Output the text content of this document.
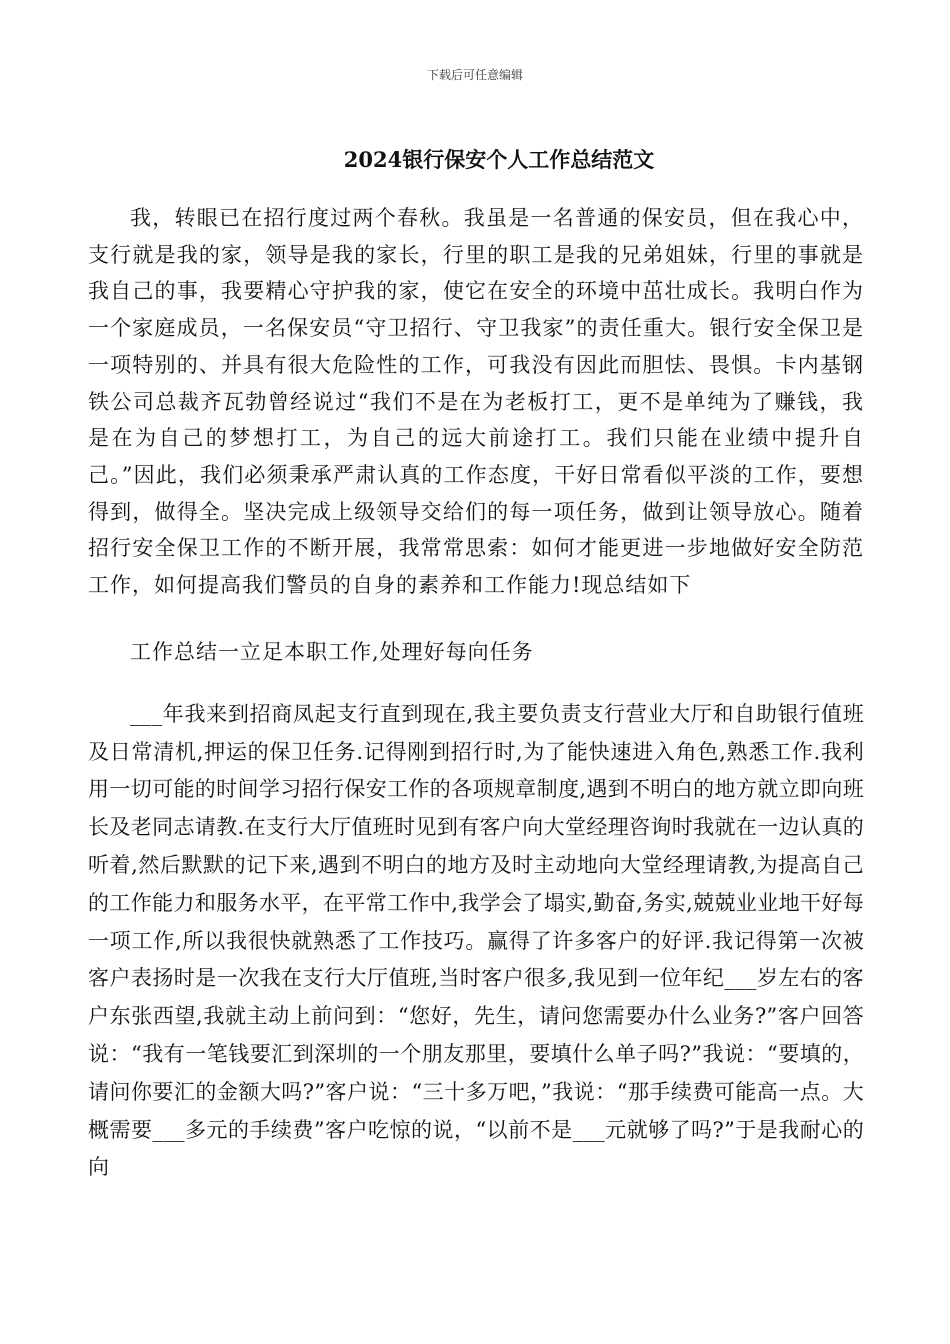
下载后可任意编辑
2024银行保安个人工作总结范文

我，转眼已在招行度过两个春秋。我虽是一名普通的保安员，但在我心中，支行就是我的家，领导是我的家长，行里的职工是我的兄弟姐妹，行里的事就是我自己的事，我要精心守护我的家，使它在安全的环境中茁壮成长。我明白作为一个家庭成员，一名保安员“守卫招行、守卫我家”的责任重大。银行安全保卫是一项特别的、并具有很大危险性的工作，可我没有因此而胆怯、畏惧。卡内基钢铁公司总裁齐瓦勃曾经说过“我们不是在为老板打工，更不是单纯为了赚钱，我是在为自己的梦想打工，为自己的远大前途打工。我们只能在业绩中提升自己。”因此，我们必须秉承严肃认真的工作态度，干好日常看似平淡的工作，要想得到，做得全。坚决完成上级领导交给们的每一项任务，做到让领导放心。随着招行安全保卫工作的不断开展，我常常思索：如何才能更进一步地做好安全防范工作，如何提高我们警员的自身的素养和工作能力!现总结如下

工作总结一立足本职工作,处理好每向任务

___年我来到招商凤起支行直到现在,我主要负责支行营业大厅和自助银行值班及日常清机,押运的保卫任务.记得刚到招行时,为了能快速进入角色,熟悉工作.我利用一切可能的时间学习招行保安工作的各项规章制度,遇到不明白的地方就立即向班长及老同志请教.在支行大厅值班时见到有客户向大堂经理咨询时我就在一边认真的听着,然后默默的记下来,遇到不明白的地方及时主动地向大堂经理请教,为提高自己的工作能力和服务水平，在平常工作中,我学会了塌实,勤奋,务实,兢兢业业地干好每一项工作,所以我很快就熟悉了工作技巧。赢得了许多客户的好评.我记得第一次被客户表扬时是一次我在支行大厅值班,当时客户很多,我见到一位年纪___岁左右的客户东张西望,我就主动上前问到：“您好，先生，请问您需要办什么业务?”客户回答说：“我有一笔钱要汇到深圳的一个朋友那里，要填什么单子吗?”我说：“要填的，请问你要汇的金额大吗?”客户说：“三十多万吧，”我说：“那手续费可能高一点。大概需要___多元的手续费”客户吃惊的说，“以前不是___元就够了吗?”于是我耐心的向
